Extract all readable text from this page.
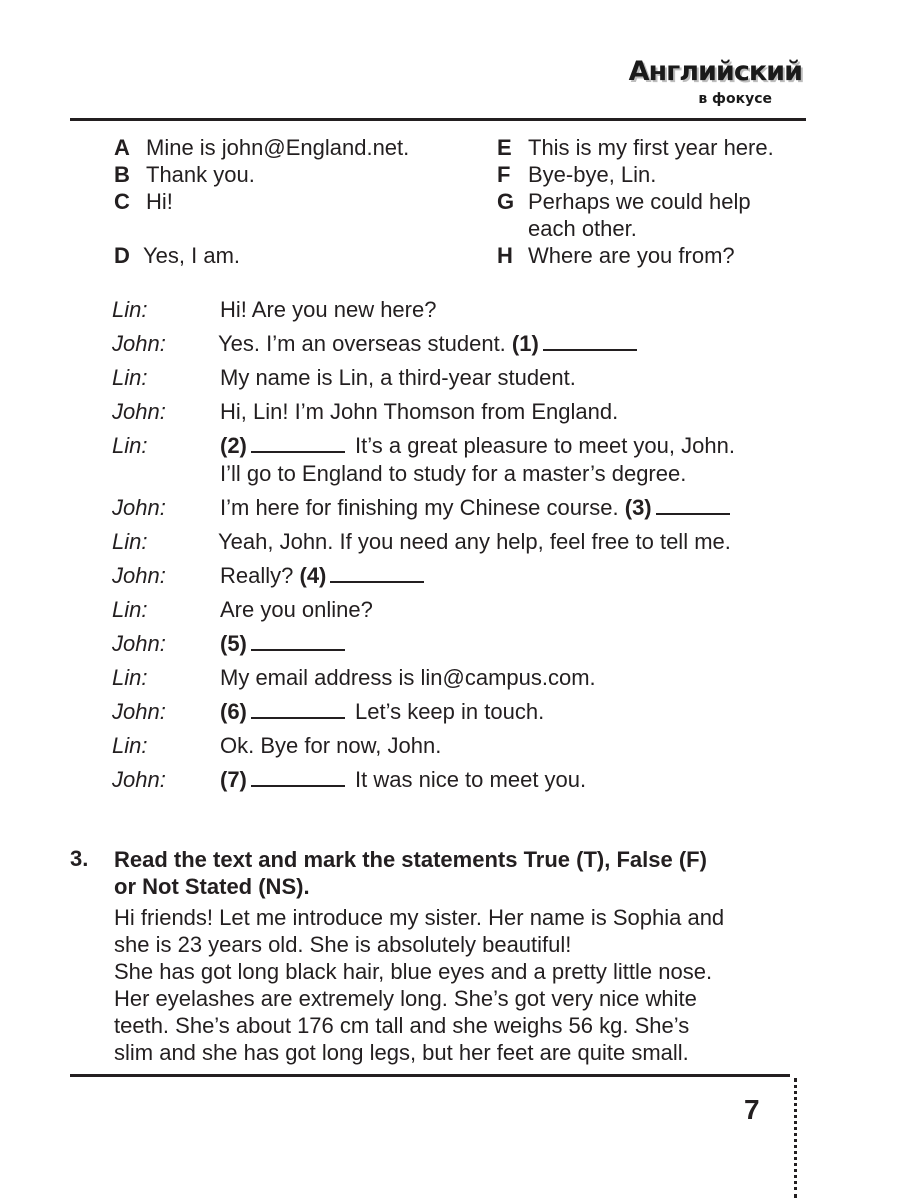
Английский
в фокусе
A Mine is john@England.net.
B Thank you.
C Hi!
D Yes, I am.
E This is my first year here.
F Bye-bye, Lin.
G Perhaps we could help
each other.
H Where are you from?
Lin:	Hi! Are you new here?
John: Yes. I’m an overseas student. (1)
Lin:	My name is Lin, a third-year student.
John: Hi, Lin! I’m John Thomson from England.
Lin:	(2)	It’s a great pleasure to meet you, John.
I’ll go to England to study for a master’s degree.
John: I’m here for finishing my Chinese course. (3)
Lin:	Yeah, John. If you need any help, feel free to tell me.
John: Really? (4)
Lin:	Are you online?
John: (5)
Lin:	My email address is lin@campus.com.
John: (6)	Let’s keep in touch.
Lin:	Ok. Bye for now, John.
John: (7)	It was nice to meet you.
3. Read the text and mark the statements True (T), False (F)
or Not Stated (NS).
Hi friends! Let me introduce my sister. Her name is Sophia and
she is 23 years old. She is absolutely beautiful!
She has got long black hair, blue eyes and a pretty little nose.
Her eyelashes are extremely long. She’s got very nice white
teeth. She’s about 176 cm tall and she weighs 56 kg. She’s
slim and she has got long legs, but her feet are quite small.
7
